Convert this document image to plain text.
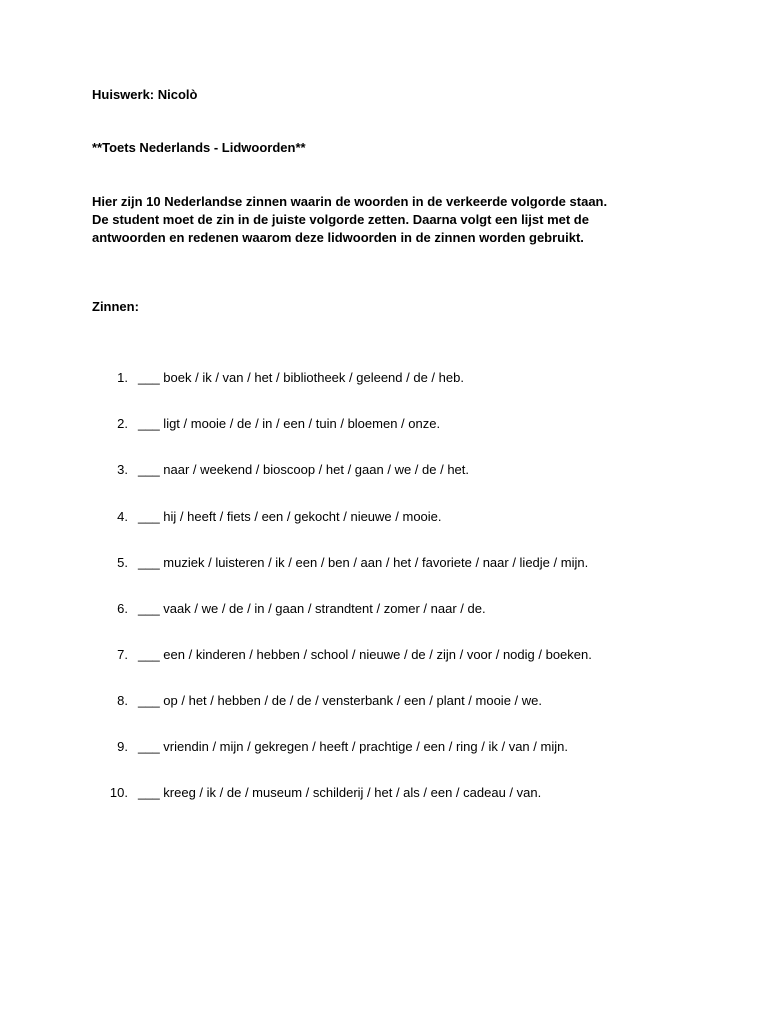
Huiswerk: Nicolò
**Toets Nederlands - Lidwoorden**
Hier zijn 10 Nederlandse zinnen waarin de woorden in de verkeerde volgorde staan.
De student moet de zin in de juiste volgorde zetten. Daarna volgt een lijst met de
antwoorden en redenen waarom deze lidwoorden in de zinnen worden gebruikt.
Zinnen:
1. ___ boek / ik / van / het / bibliotheek / geleend / de / heb.
2. ___ ligt / mooie / de / in / een / tuin / bloemen / onze.
3. ___ naar / weekend / bioscoop / het / gaan / we / de / het.
4. ___ hij / heeft / fiets / een / gekocht / nieuwe / mooie.
5. ___ muziek / luisteren / ik / een / ben / aan / het / favoriete / naar / liedje / mijn.
6. ___ vaak / we / de / in / gaan / strandtent / zomer / naar / de.
7. ___ een / kinderen / hebben / school / nieuwe / de / zijn / voor / nodig / boeken.
8. ___ op / het / hebben / de / de / vensterbank / een / plant / mooie / we.
9. ___ vriendin / mijn / gekregen / heeft / prachtige / een / ring / ik / van / mijn.
10. ___ kreeg / ik / de / museum / schilderij / het / als / een / cadeau / van.
